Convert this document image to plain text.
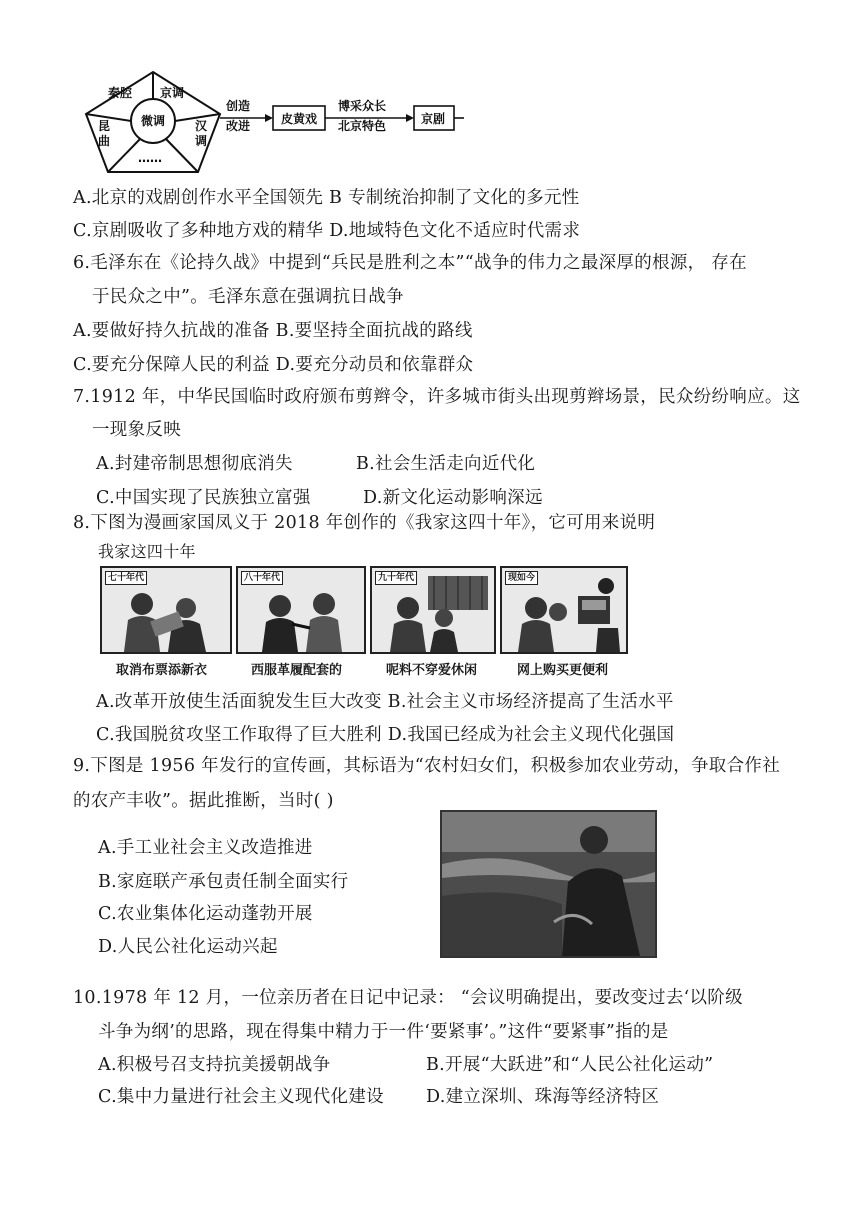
秦腔 京调
昆
曲
微调 汉
调
……
创造
改进	皮黄戏
博采众长
北京特色	京剧
A.北京的戏剧创作水平全国领先 B 专制统治抑制了文化的多元性
C.京剧吸收了多种地方戏的精华 D.地域特色文化不适应时代需求
6.毛泽东在《论持久战》中提到“兵民是胜利之本”“战争的伟力之最深厚的根源， 存在
于民众之中”。毛泽东意在强调抗日战争
A.要做好持久抗战的准备 B.要坚持全面抗战的路线
C.要充分保障人民的利益 D.要充分动员和依靠群众
7.1912 年，中华民国临时政府颁布剪辫令，许多城市街头出现剪辫场景，民众纷纷响应。这
一现象反映
A.封建帝制思想彻底消失	B.社会生活走向近代化
C.中国实现了民族独立富强	D.新文化运动影响深远
8.下图为漫画家国凤义于 2018 年创作的《我家这四十年》，它可用来说明
我家这四十年
七十年代	八十年代	九十年代	现如今
取消布票添新衣	西服革履配套的	呢料不穿爱休闲	网上购买更便利
A.改革开放使生活面貌发生巨大改变 B.社会主义市场经济提高了生活水平
C.我国脱贫攻坚工作取得了巨大胜利 D.我国已经成为社会主义现代化强国
9.下图是 1956 年发行的宣传画，其标语为“农村妇女们，积极参加农业劳动，争取合作社
的农产丰收”。据此推断，当时( )
A.手工业社会主义改造推进
B.家庭联产承包责任制全面实行
C.农业集体化运动蓬勃开展
D.人民公社化运动兴起
10.1978 年 12 月，一位亲历者在日记中记录： “会议明确提出，要改变过去‘以阶级
斗争为纲’的思路，现在得集中精力于一件‘要紧事’。”这件“要紧事”指的是
A.积极号召支持抗美援朝战争	B.开展“大跃进”和“人民公社化运动”
C.集中力量进行社会主义现代化建设 D.建立深圳、珠海等经济特区
